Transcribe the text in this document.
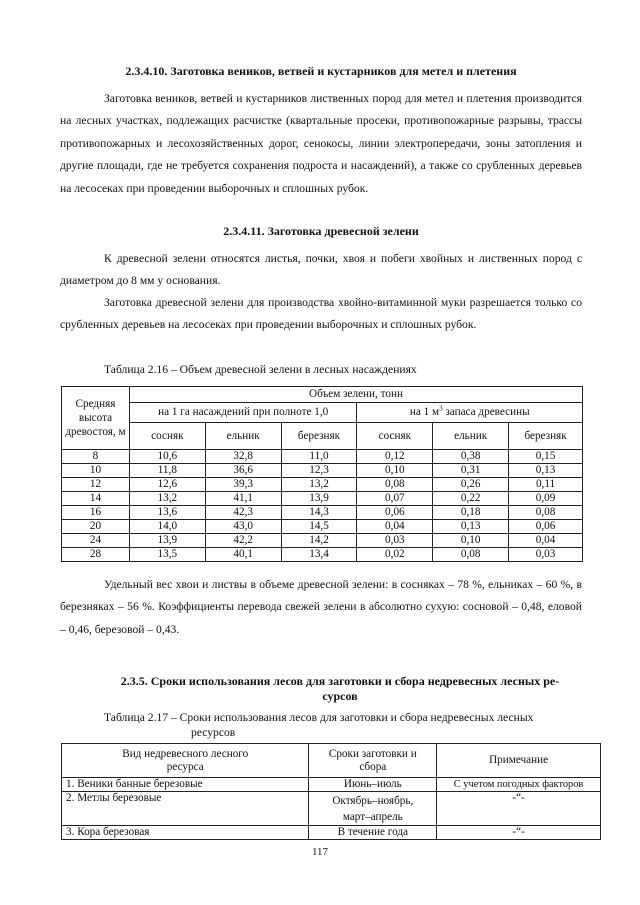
2.3.4.10. Заготовка веников, ветвей и кустарников для метел и плетения

Заготовка веников, ветвей и кустарников лиственных пород для метел и плетения производится на лесных участках, подлежащих расчистке (квартальные просеки, противопожарные разрывы, трассы противопожарных и лесохозяйственных дорог, сенокосы, линии электропередачи, зоны затопления и другие площади, где не требуется сохранения подроста и насаждений), а также со срубленных деревьев на лесосеках при проведении выборочных и сплошных рубок.

2.3.4.11. Заготовка древесной зелени

К древесной зелени относятся листья, почки, хвоя и побеги хвойных и лиственных пород с диаметром до 8 мм у основания.

Заготовка древесной зелени для производства хвойно-витаминной муки разрешается только со срубленных деревьев на лесосеках при проведении выборочных и сплошных рубок.

Таблица 2.16 – Объем древесной зелени в лесных насаждениях
Средняя высота древостоя, м	Объем зелени, тонн					
	на 1 га насаждений при полноте 1,0			на 1 $м^3$ запаса древесины		
	сосняк	ельник	березняк	сосняк	ельник	березняк
8	10,6	32,8	11,0	0,12	0,38	0,15
10	11,8	36,6	12,3	0,10	0,31	0,13
12	12,6	39,3	13,2	0,08	0,26	0,11
14	13,2	41,1	13,9	0,07	0,22	0,09
16	13,6	42,3	14,3	0,06	0,18	0,08
20	14,0	43,0	14,5	0,04	0,13	0,06
24	13,9	42,2	14,2	0,03	0,10	0,04
28	13,5	40,1	13,4	0,02	0,08	0,03

Удельный вес хвои и листвы в объеме древесной зелени: в сосняках – 78 %, ельниках – 60 %, в березняках – 56 %. Коэффициенты перевода свежей зелени в абсолютно сухую: сосновой – 0,48, еловой – 0,46, березовой – 0,43.

2.3.5. Сроки использования лесов для заготовки и сбора недревесных лесных ре-
сурсов
Таблица 2.17 – Сроки использования лесов для заготовки и сбора недревесных лесных
ресурсов
Вид недревесного лесного ресурса	Сроки заготовки и сбора	Примечание
1. Веники банные березовые	Июнь–июль	С учетом погодных факторов
2. Метлы березовые	Октябрь–ноябрь, март–апрель	-“-
3. Кора березовая	В течение года	-“-
117
